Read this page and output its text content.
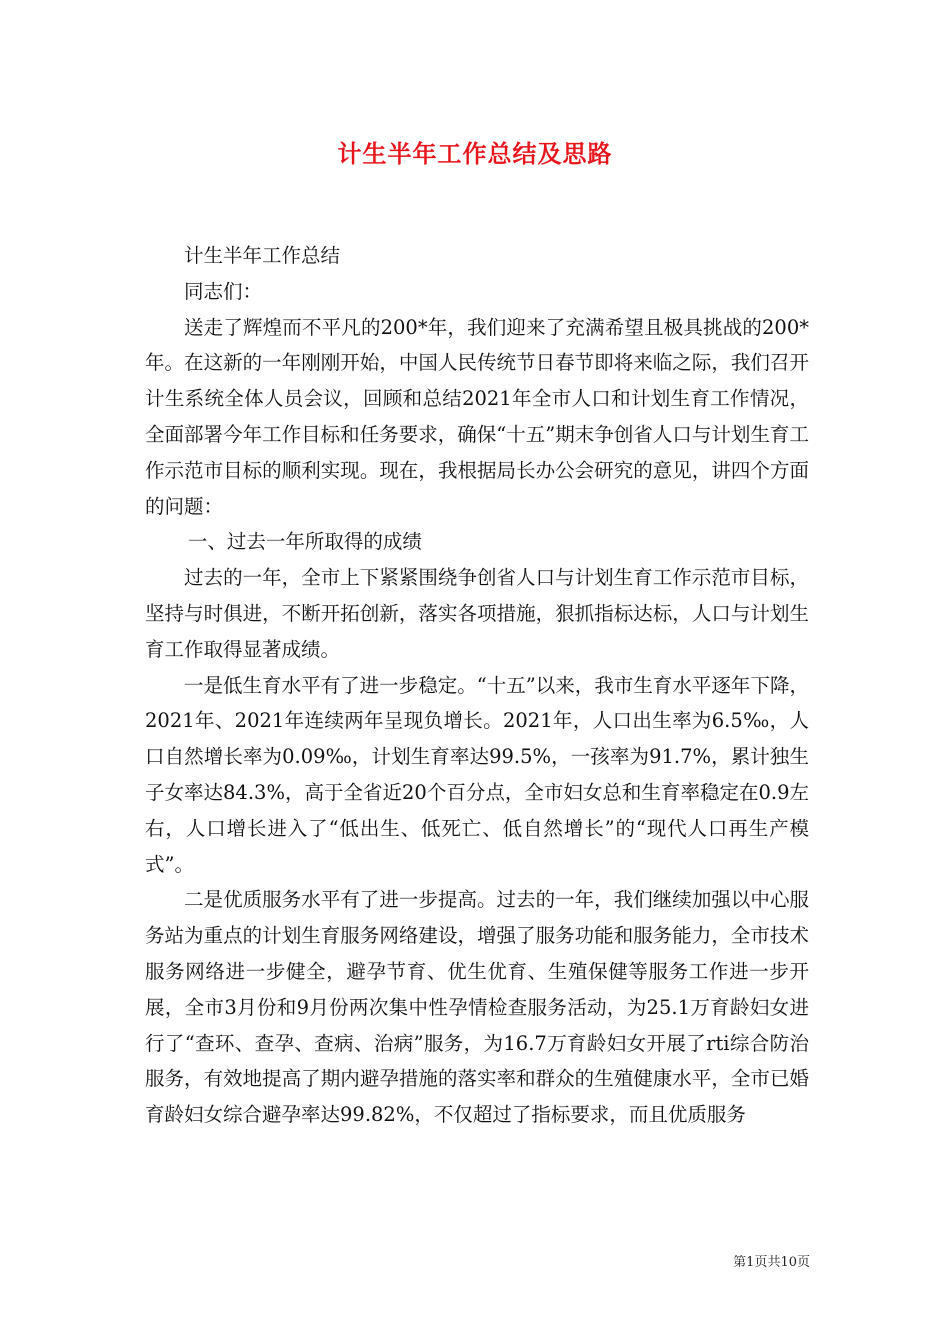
计生半年工作总结及思路

计生半年工作总结

同志们：

送走了辉煌而不平凡的200*年，我们迎来了充满希望且极具挑战的200*年。在这新的一年刚刚开始，中国人民传统节日春节即将来临之际，我们召开计生系统全体人员会议，回顾和总结2021年全市人口和计划生育工作情况，全面部署今年工作目标和任务要求，确保“十五”期末争创省人口与计划生育工作示范市目标的顺利实现。现在，我根据局长办公会研究的意见，讲四个方面的问题：

一、过去一年所取得的成绩

过去的一年，全市上下紧紧围绕争创省人口与计划生育工作示范市目标，坚持与时俱进，不断开拓创新，落实各项措施，狠抓指标达标，人口与计划生育工作取得显著成绩。

一是低生育水平有了进一步稳定。“十五”以来，我市生育水平逐年下降，2021年、2021年连续两年呈现负增长。2021年，人口出生率为6.5‰，人口自然增长率为0.09‰，计划生育率达99.5%，一孩率为91.7%，累计独生子女率达84.3%，高于全省近20个百分点，全市妇女总和生育率稳定在0.9左右，人口增长进入了“低出生、低死亡、低自然增长”的“现代人口再生产模式”。

二是优质服务水平有了进一步提高。过去的一年，我们继续加强以中心服务站为重点的计划生育服务网络建设，增强了服务功能和服务能力，全市技术服务网络进一步健全，避孕节育、优生优育、生殖保健等服务工作进一步开展，全市3月份和9月份两次集中性孕情检查服务活动，为25.1万育龄妇女进行了“查环、查孕、查病、治病”服务，为16.7万育龄妇女开展了rti综合防治服务，有效地提高了期内避孕措施的落实率和群众的生殖健康水平，全市已婚育龄妇女综合避孕率达99.82%，不仅超过了指标要求，而且优质服务

第1页共10页
